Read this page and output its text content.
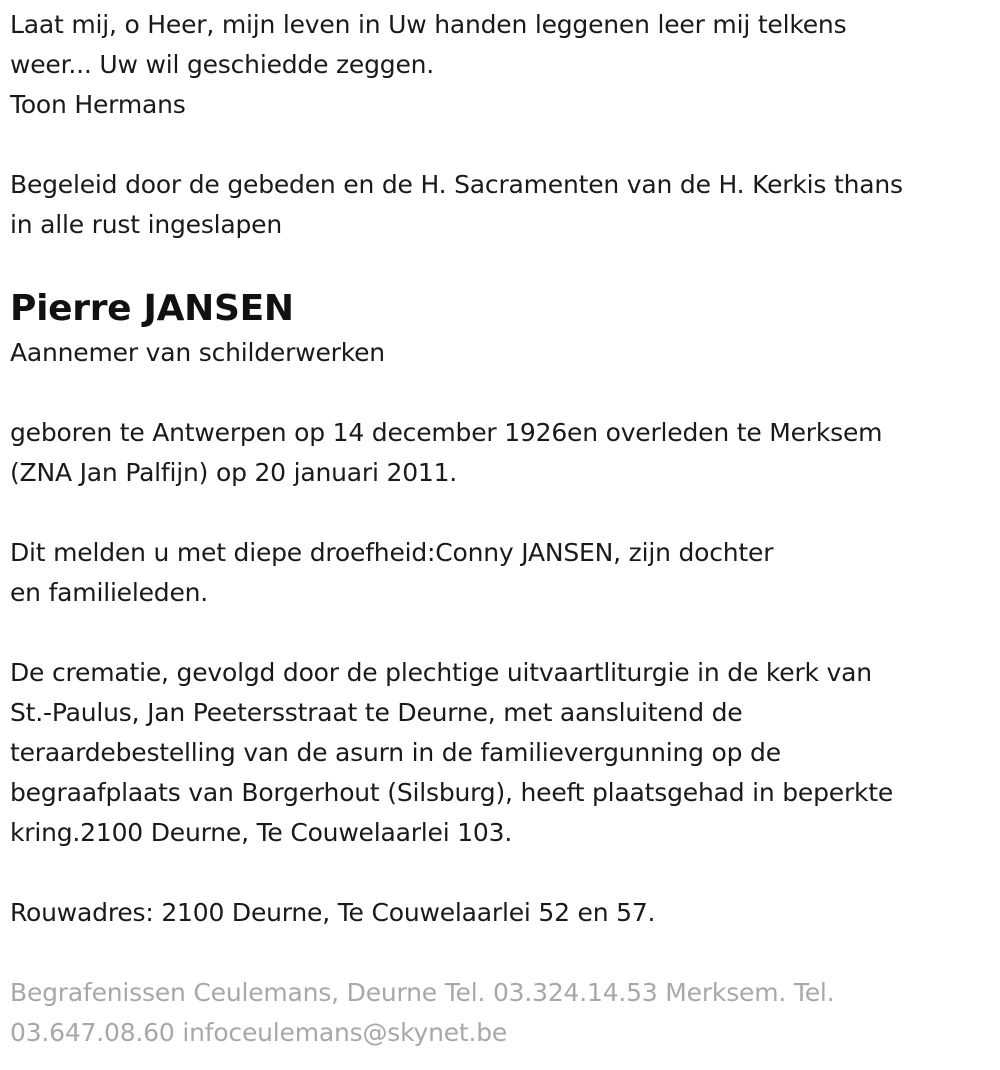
Laat mij, o Heer, mijn leven in Uw handen leggenen leer mij telkens

weer... Uw wil geschiedde zeggen.

Toon Hermans

Begeleid door de gebeden en de H. Sacramenten van de H. Kerkis thans

in alle rust ingeslapen

Pierre JANSEN

Aannemer van schilderwerken

geboren te Antwerpen op 14 december 1926en overleden te Merksem

(ZNA Jan Palfijn) op 20 januari 2011.

Dit melden u met diepe droefheid:Conny JANSEN, zijn dochter

en familieleden.

De crematie, gevolgd door de plechtige uitvaartliturgie in de kerk van

St.-Paulus, Jan Peetersstraat te Deurne, met aansluitend de

teraardebestelling van de asurn in de familievergunning op de

begraafplaats van Borgerhout (Silsburg), heeft plaatsgehad in beperkte

kring.2100 Deurne, Te Couwelaarlei 103.

Rouwadres: 2100 Deurne, Te Couwelaarlei 52 en 57.

Begrafenissen Ceulemans, Deurne Tel. 03.324.14.53 Merksem. Tel.

03.647.08.60 infoceulemans@skynet.be
